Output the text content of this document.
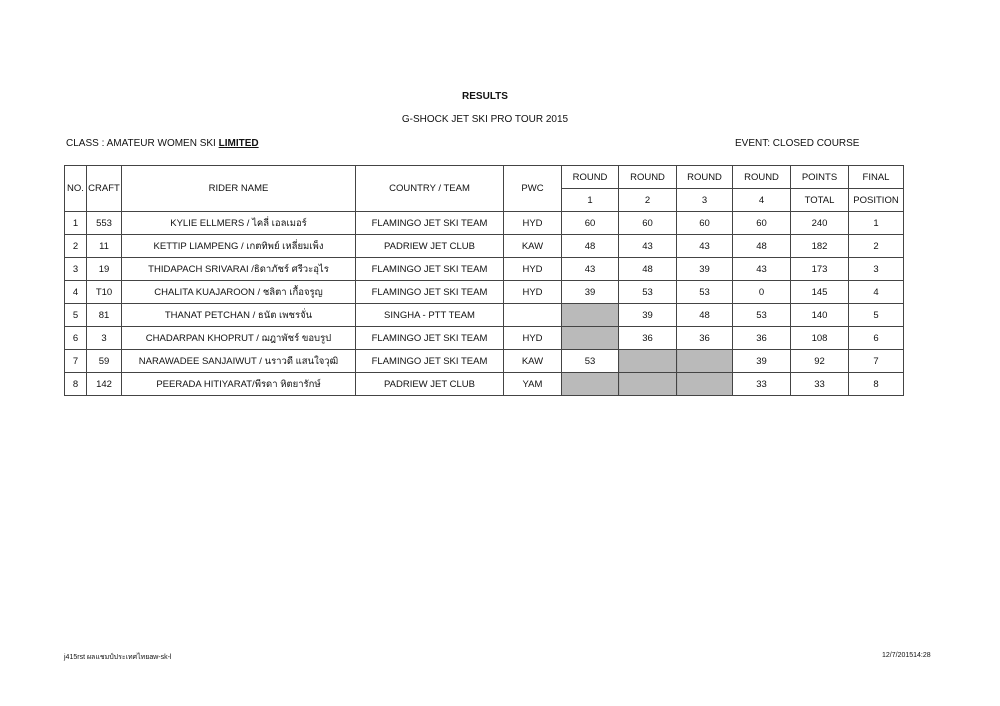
RESULTS
G-SHOCK JET SKI PRO TOUR 2015
CLASS : AMATEUR WOMEN SKI LIMITED	EVENT: CLOSED COURSE
NO.	CRAFT	RIDER NAME	COUNTRY / TEAM	PWC	ROUND	ROUND	ROUND	ROUND	POINTS	FINAL
					1	2	3	4	TOTAL	POSITION
1	553	KYLIE ELLMERS / ไคลี่ เอลเมอร์	FLAMINGO JET SKI TEAM	HYD	60	60	60	60	240	1
2	11	KETTIP LIAMPENG / เกตทิพย์ เหลี่ยมเพ็ง	PADRIEW JET CLUB	KAW	48	43	43	48	182	2
3	19	THIDAPACH SRIVARAI /ธิดาภัชร์ ศรีวะอุไร	FLAMINGO JET SKI TEAM	HYD	43	48	39	43	173	3
4	T10	CHALITA KUAJAROON / ชลิตา เกื้อจรูญ	FLAMINGO JET SKI TEAM	HYD	39	53	53	0	145	4
5	81	THANAT PETCHAN / ธนัต เพชรจั่น	SINGHA - PTT TEAM			39	48	53	140	5
6	3	CHADARPAN KHOPRUT / ฌฎาพัชร์ ขอบรูป	FLAMINGO JET SKI TEAM	HYD		36	36	36	108	6
7	59	NARAWADEE SANJAIWUT / นราวดี แสนใจวุฒิ	FLAMINGO JET SKI TEAM	KAW	53			39	92	7
8	142	PEERADA HITIYARAT/พีรดา หิตยารักษ์	PADRIEW JET CLUB	YAM				33	33	8
j415rst ผลแชมป์ประเทศไทยaw-sk-l	12/7/201514:28
